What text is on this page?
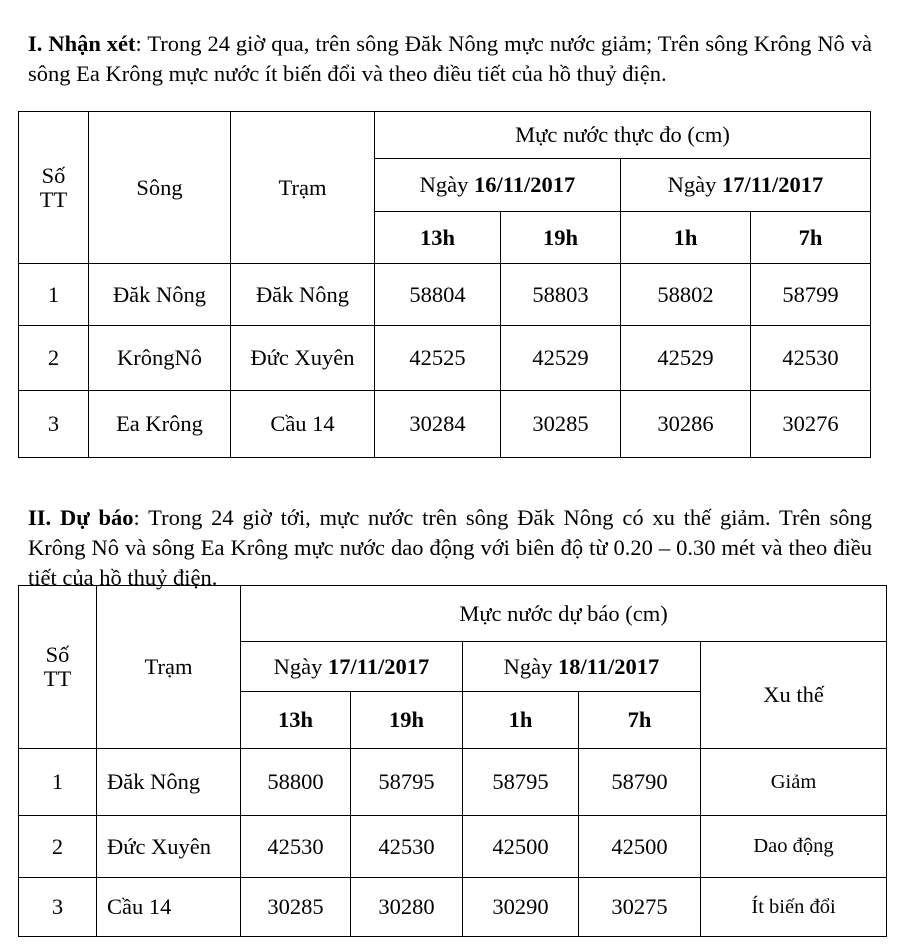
I. Nhận xét: Trong 24 giờ qua, trên sông Đăk Nông mực nước giảm; Trên sông Krông Nô và sông Ea Krông mực nước ít biến đổi và theo điều tiết của hồ thuỷ điện.

Số
TT	Sông	Trạm	Mực nước thực đo (cm)			
			Ngày 16/11/2017		Ngày 17/11/2017	
			13h	19h	1h	7h
1	Đăk Nông	Đăk Nông	58804	58803	58802	58799
2	KrôngNô	Đức Xuyên	42525	42529	42529	42530
3	Ea Krông	Cầu 14	30284	30285	30286	30276

II. Dự báo: Trong 24 giờ tới, mực nước trên sông Đăk Nông có xu thế giảm. Trên sông Krông Nô và sông Ea Krông mực nước dao động với biên độ từ 0.20 – 0.30 mét và theo điều tiết của hồ thuỷ điện.

Số
TT	Trạm	Mực nước dự báo (cm)				
		Ngày 17/11/2017		Ngày 18/11/2017		Xu thế
		13h	19h	1h	7h	
1	Đăk Nông	58800	58795	58795	58790	Giảm
2	Đức Xuyên	42530	42530	42500	42500	Dao động
3	Cầu 14	30285	30280	30290	30275	Ít biến đổi
